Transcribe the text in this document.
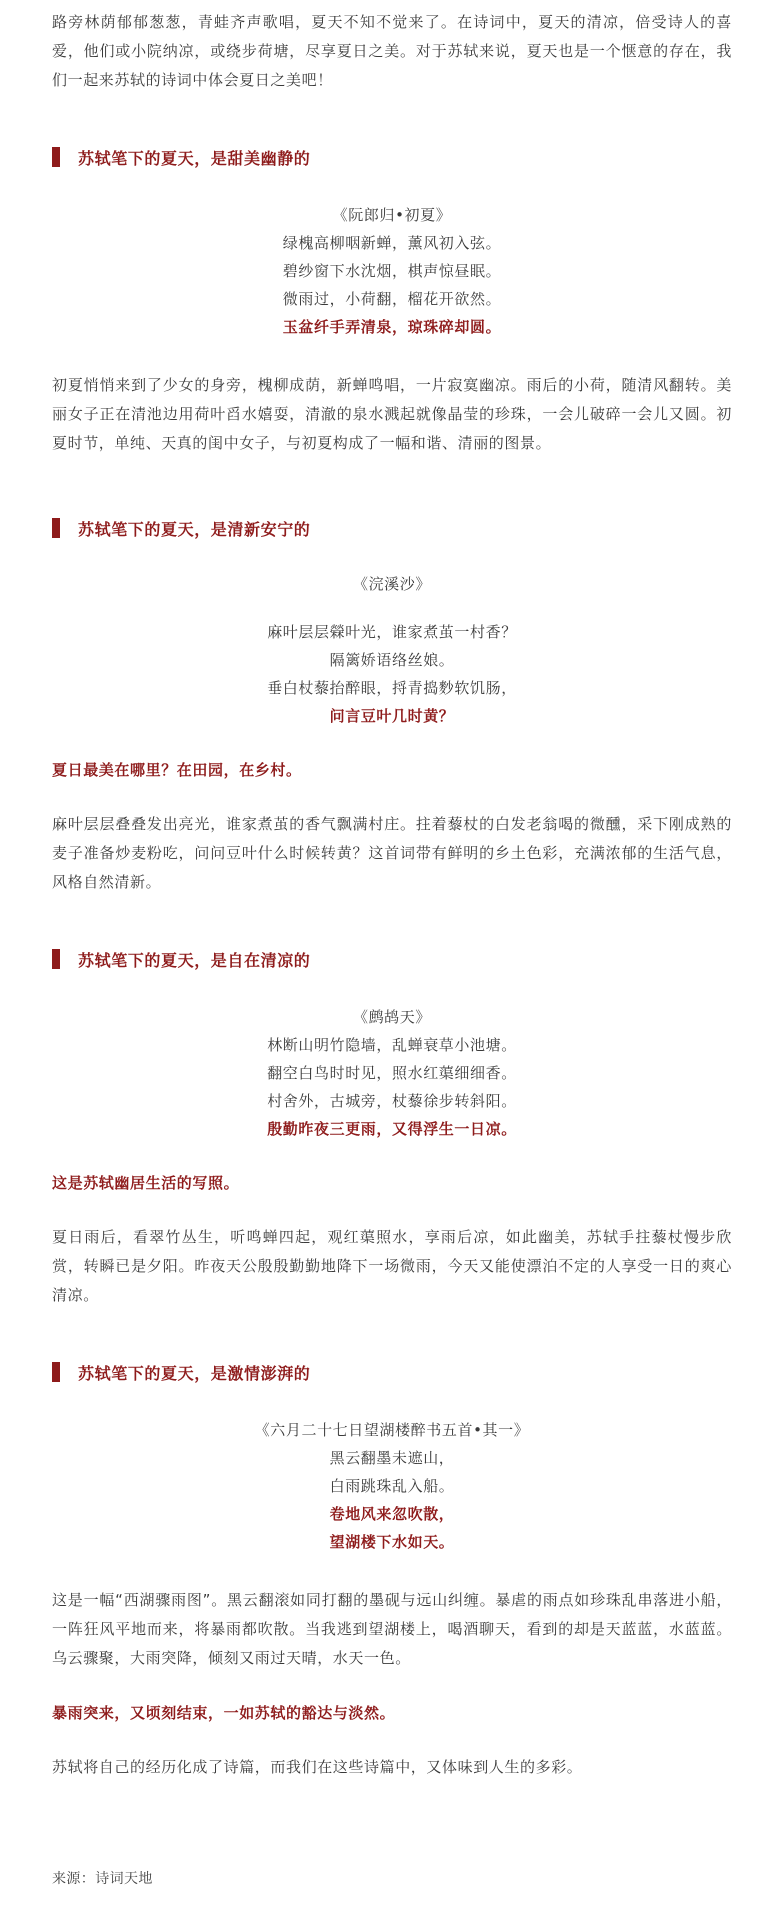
路旁林荫郁郁葱葱，青蛙齐声歌唱，夏天不知不觉来了。在诗词中，夏天的清凉，倍受诗人的喜爱，他们或小院纳凉，或绕步荷塘，尽享夏日之美。对于苏轼来说，夏天也是一个惬意的存在，我们一起来苏轼的诗词中体会夏日之美吧！

苏轼笔下的夏天，是甜美幽静的
《阮郎归•初夏》
绿槐高柳咽新蝉，薰风初入弦。
碧纱窗下水沈烟，棋声惊昼眠。
微雨过，小荷翻，榴花开欲然。
玉盆纤手弄清泉，琼珠碎却圆。

初夏悄悄来到了少女的身旁，槐柳成荫，新蝉鸣唱，一片寂寞幽凉。雨后的小荷，随清风翻转。美丽女子正在清池边用荷叶舀水嬉耍，清澈的泉水溅起就像晶莹的珍珠，一会儿破碎一会儿又圆。初夏时节，单纯、天真的闺中女子，与初夏构成了一幅和谐、清丽的图景。

苏轼笔下的夏天，是清新安宁的
《浣溪沙》
麻叶层层檾叶光，谁家煮茧一村香？
隔篱娇语络丝娘。
垂白杖藜抬醉眼，捋青捣麨软饥肠，
问言豆叶几时黄？

夏日最美在哪里？在田园，在乡村。

麻叶层层叠叠发出亮光，谁家煮茧的香气飘满村庄。拄着藜杖的白发老翁喝的微醺，采下刚成熟的麦子准备炒麦粉吃，问问豆叶什么时候转黄？这首词带有鲜明的乡土色彩，充满浓郁的生活气息，风格自然清新。

苏轼笔下的夏天，是自在清凉的
《鹧鸪天》
林断山明竹隐墙，乱蝉衰草小池塘。
翻空白鸟时时见，照水红蕖细细香。
村舍外，古城旁，杖藜徐步转斜阳。
殷勤昨夜三更雨，又得浮生一日凉。

这是苏轼幽居生活的写照。

夏日雨后，看翠竹丛生，听鸣蝉四起，观红蕖照水，享雨后凉，如此幽美，苏轼手拄藜杖慢步欣赏，转瞬已是夕阳。昨夜天公殷殷勤勤地降下一场微雨，今天又能使漂泊不定的人享受一日的爽心清凉。

苏轼笔下的夏天，是激情澎湃的
《六月二十七日望湖楼醉书五首•其一》
黑云翻墨未遮山，
白雨跳珠乱入船。
卷地风来忽吹散，
望湖楼下水如天。

这是一幅“西湖骤雨图”。黑云翻滚如同打翻的墨砚与远山纠缠。暴虐的雨点如珍珠乱串落进小船，一阵狂风平地而来，将暴雨都吹散。当我逃到望湖楼上，喝酒聊天，看到的却是天蓝蓝，水蓝蓝。乌云骤聚，大雨突降，倾刻又雨过天晴，水天一色。

暴雨突来，又顷刻结束，一如苏轼的豁达与淡然。

苏轼将自己的经历化成了诗篇，而我们在这些诗篇中，又体味到人生的多彩。

来源：诗词天地
